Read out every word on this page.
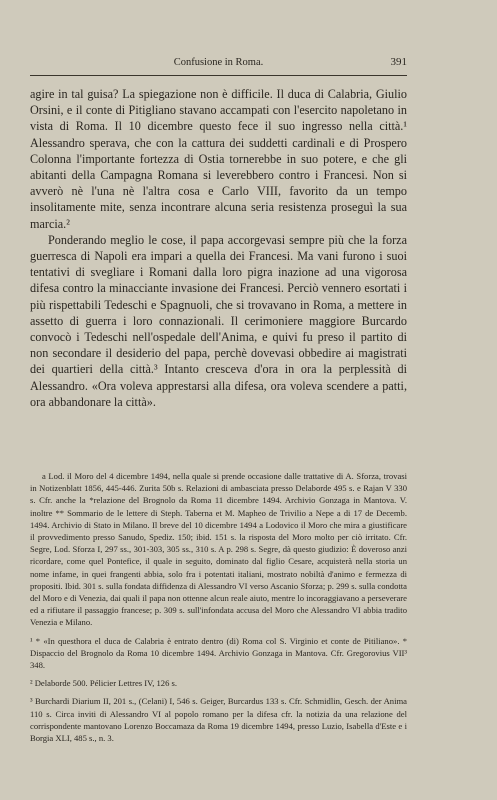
Confusione in Roma.	391

agire in tal guisa? La spiegazione non è difficile. Il duca di Calabria, Giulio Orsini, e il conte di Pitigliano stavano accampati con l'esercito napoletano in vista di Roma. Il 10 dicembre questo fece il suo ingresso nella città.¹ Alessandro sperava, che con la cattura dei suddetti cardinali e di Prospero Colonna l'importante fortezza di Ostia tornerebbe in suo potere, e che gli abitanti della Campagna Romana si leverebbero contro i Francesi. Non si avverò nè l'una nè l'altra cosa e Carlo VIII, favorito da un tempo insolitamente mite, senza incontrare alcuna seria resistenza proseguì la sua marcia.²

Ponderando meglio le cose, il papa accorgevasi sempre più che la forza guerresca di Napoli era impari a quella dei Francesi. Ma vani furono i suoi tentativi di svegliare i Romani dalla loro pigra inazione ad una vigorosa difesa contro la minacciante invasione dei Francesi. Perciò vennero esortati i più rispettabili Tedeschi e Spagnuoli, che si trovavano in Roma, a mettere in assetto di guerra i loro connazionali. Il cerimoniere maggiore Burcardo convocò i Tedeschi nell'ospedale dell'Anima, e quivi fu preso il partito di non secondare il desiderio del papa, perchè dovevasi obbedire ai magistrati dei quartieri della città.³ Intanto cresceva d'ora in ora la perplessità di Alessandro. «Ora voleva apprestarsi alla difesa, ora voleva scendere a patti, ora abbandonare la città».

a Lod. il Moro del 4 dicembre 1494, nella quale si prende occasione dalle trattative di A. Sforza, trovasi in Notizenblatt 1856, 445-446. Zurita 50b s. Relazioni di ambasciata presso Delaborde 495 s. e Rajan V 330 s. Cfr. anche la *relazione del Brognolo da Roma 11 dicembre 1494. Archivio Gonzaga in Mantova. V. inoltre ** Sommario de le lettere di Steph. Taberna et M. Mapheo de Trivilio a Nepe a di 17 de Decemb. 1494. Archivio di Stato in Milano. Il breve del 10 dicembre 1494 a Lodovico il Moro che mira a giustificare il provvedimento presso Sanudo, Spediz. 150; ibid. 151 s. la risposta del Moro molto per ciò irritato. Cfr. Segre, Lod. Sforza I, 297 ss., 301-303, 305 ss., 310 s. A p. 298 s. Segre, dà questo giudizio: È doveroso anzi ricordare, come quel Pontefice, il quale in seguito, dominato dal figlio Cesare, acquisterà nella storia un nome infame, in quei frangenti abbia, solo fra i potentati italiani, mostrato nobiltà d'animo e fermezza di propositi. Ibid. 301 s. sulla fondata diffidenza di Alessandro VI verso Ascanio Sforza; p. 299 s. sulla condotta del Moro e di Venezia, dai quali il papa non ottenne alcun reale aiuto, mentre lo incoraggiavano a perseverare ed a rifiutare il passaggio francese; p. 309 s. sull'infondata accusa del Moro che Alessandro VI abbia tradito Venezia e Milano.

¹ * «In questhora el duca de Calabria è entrato dentro (di) Roma col S. Virginio et conte de Pitiliano». * Dispaccio del Brognolo da Roma 10 dicembre 1494. Archivio Gonzaga in Mantova. Cfr. Gregorovius VII³ 348.

² Delaborde 500. Pélicier Lettres IV, 126 s.

³ Burchardi Diarium II, 201 s., (Celani) I, 546 s. Geiger, Burcardus 133 s. Cfr. Schmidlin, Gesch. der Anima 110 s. Circa inviti di Alessandro VI al popolo romano per la difesa cfr. la notizia da una relazione del corrispondente mantovano Lorenzo Boccamaza da Roma 19 dicembre 1494, presso Luzio, Isabella d'Este e i Borgia XLI, 485 s., n. 3.
